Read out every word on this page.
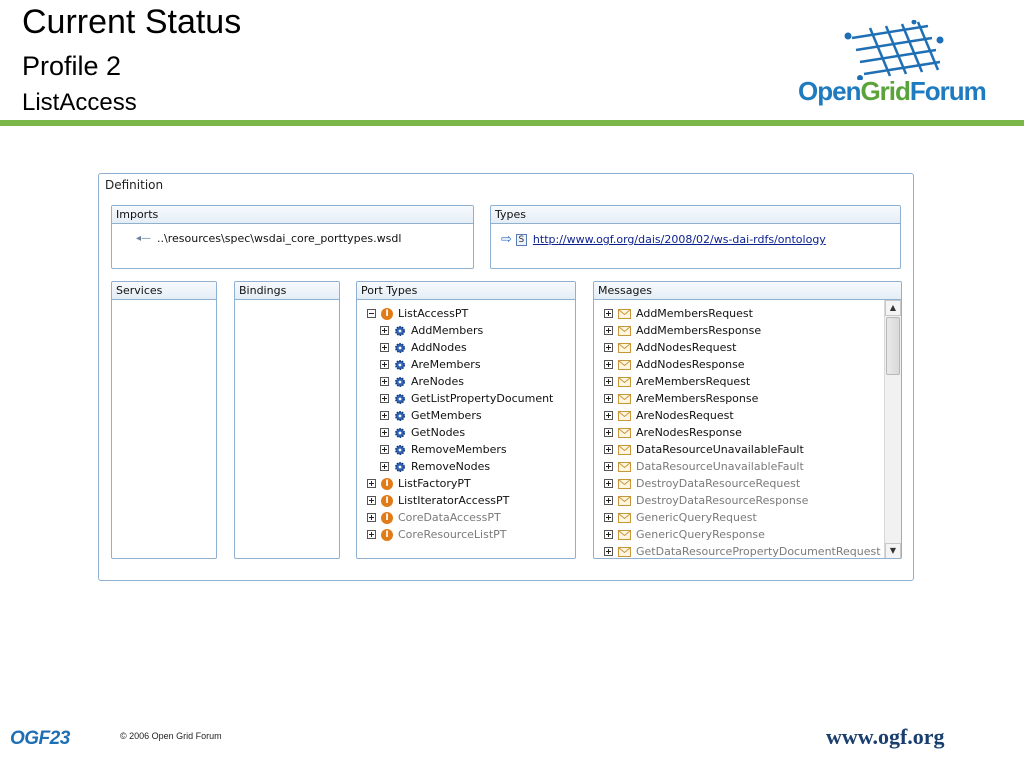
Current Status
Profile 2
ListAccess	OpenGridForum
Definition
Imports
◂— ..\resources\spec\wsdai_core_porttypes.wsdl
Types
⇨ S http://www.ogf.org/dais/2008/02/ws-dai-rdfs/ontology
Services	Bindings	Port Types
I ListAccessPT
AddMembers
AddNodes
AreMembers
AreNodes
GetListPropertyDocument
GetMembers
GetNodes
RemoveMembers
RemoveNodes
I ListFactoryPT
I ListIteratorAccessPT
I CoreDataAccessPT
I CoreResourceListPT
Messages
GetDataResourcePropertyDocumentRequest
GenericQueryResponse
GenericQueryRequest
DestroyDataResourceResponse
DestroyDataResourceRequest
DataResourceUnavailableFault
DataResourceUnavailableFault
AreNodesResponse
AreNodesRequest
AreMembersResponse
AreMembersRequest
AddNodesResponse
AddNodesRequest
AddMembersResponse
AddMembersRequest	▲
▼
OGF23	© 2006 Open Grid Forum	www.ogf.org
